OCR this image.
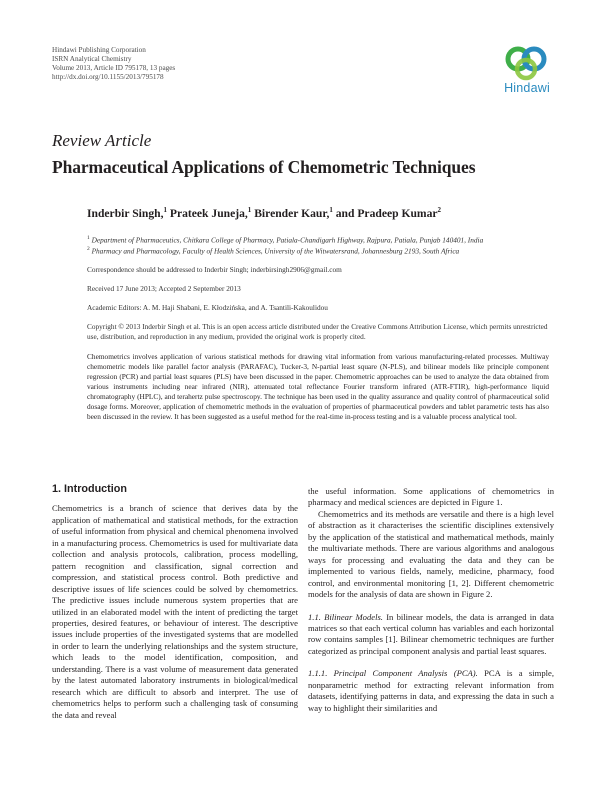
Hindawi Publishing Corporation
ISRN Analytical Chemistry
Volume 2013, Article ID 795178, 13 pages
http://dx.doi.org/10.1155/2013/795178
Hindawi
Review Article
Pharmaceutical Applications of Chemometric Techniques
Inderbir Singh,$^1$ Prateek Juneja,$^1$ Birender Kaur,$^1$ and Pradeep Kumar$^2$
$^1$ Department of Pharmaceutics, Chitkara College of Pharmacy, Patiala-Chandigarh Highway, Rajpura, Patiala, Punjab 140401, India
$^2$ Pharmacy and Pharmacology, Faculty of Health Sciences, University of the Witwatersrand, Johannesburg 2193, South Africa
Correspondence should be addressed to Inderbir Singh; inderbirsingh2906@gmail.com
Received 17 June 2013; Accepted 2 September 2013
Academic Editors: A. M. Haji Shabani, E. Kłodzińska, and A. Tsantili-Kakoulidou
Copyright © 2013 Inderbir Singh et al. This is an open access article distributed under the Creative Commons Attribution License, which permits unrestricted use, distribution, and reproduction in any medium, provided the original work is properly cited.
Chemometrics involves application of various statistical methods for drawing vital information from various manufacturing-related processes. Multiway chemometric models like parallel factor analysis (PARAFAC), Tucker-3, N-partial least square (N-PLS), and bilinear models like principle component regression (PCR) and partial least squares (PLS) have been discussed in the paper. Chemometric approaches can be used to analyze the data obtained from various instruments including near infrared (NIR), attenuated total reflectance Fourier transform infrared (ATR-FTIR), high-performance liquid chromatography (HPLC), and terahertz pulse spectroscopy. The technique has been used in the quality assurance and quality control of pharmaceutical solid dosage forms. Moreover, application of chemometric methods in the evaluation of properties of pharmaceutical powders and tablet parametric tests has also been discussed in the review. It has been suggested as a useful method for the real-time in-process testing and is a valuable process analytical tool.
1. Introduction

Chemometrics is a branch of science that derives data by the application of mathematical and statistical methods, for the extraction of useful information from physical and chemical phenomena involved in a manufacturing process. Chemometrics is used for multivariate data collection and analysis protocols, calibration, process modelling, pattern recognition and classification, signal correction and compression, and statistical process control. Both predictive and descriptive issues of life sciences could be solved by chemometrics. The predictive issues include numerous system properties that are utilized in an elaborated model with the intent of predicting the target properties, desired features, or behaviour of interest. The descriptive issues include properties of the investigated systems that are modelled in order to learn the underlying relationships and the system structure, which leads to the model identification, composition, and understanding. There is a vast volume of measurement data generated by the latest automated laboratory instruments in biological/medical research which are difficult to absorb and interpret. The use of chemometrics helps to perform such a challenging task of consuming the data and reveal

the useful information. Some applications of chemometrics in pharmacy and medical sciences are depicted in Figure 1.

Chemometrics and its methods are versatile and there is a high level of abstraction as it characterises the scientific disciplines extensively by the application of the statistical and mathematical methods, mainly the multivariate methods. There are various algorithms and analogous ways for processing and evaluating the data and they can be implemented to various fields, namely, medicine, pharmacy, food control, and environmental monitoring [1, 2]. Different chemometric models for the analysis of data are shown in Figure 2.

1.1. Bilinear Models. In bilinear models, the data is arranged in data matrices so that each vertical column has variables and each horizontal row contains samples [1]. Bilinear chemometric techniques are further categorized as principal component analysis and partial least squares.

1.1.1. Principal Component Analysis (PCA). PCA is a simple, nonparametric method for extracting relevant information from datasets, identifying patterns in data, and expressing the data in such a way to highlight their similarities and
